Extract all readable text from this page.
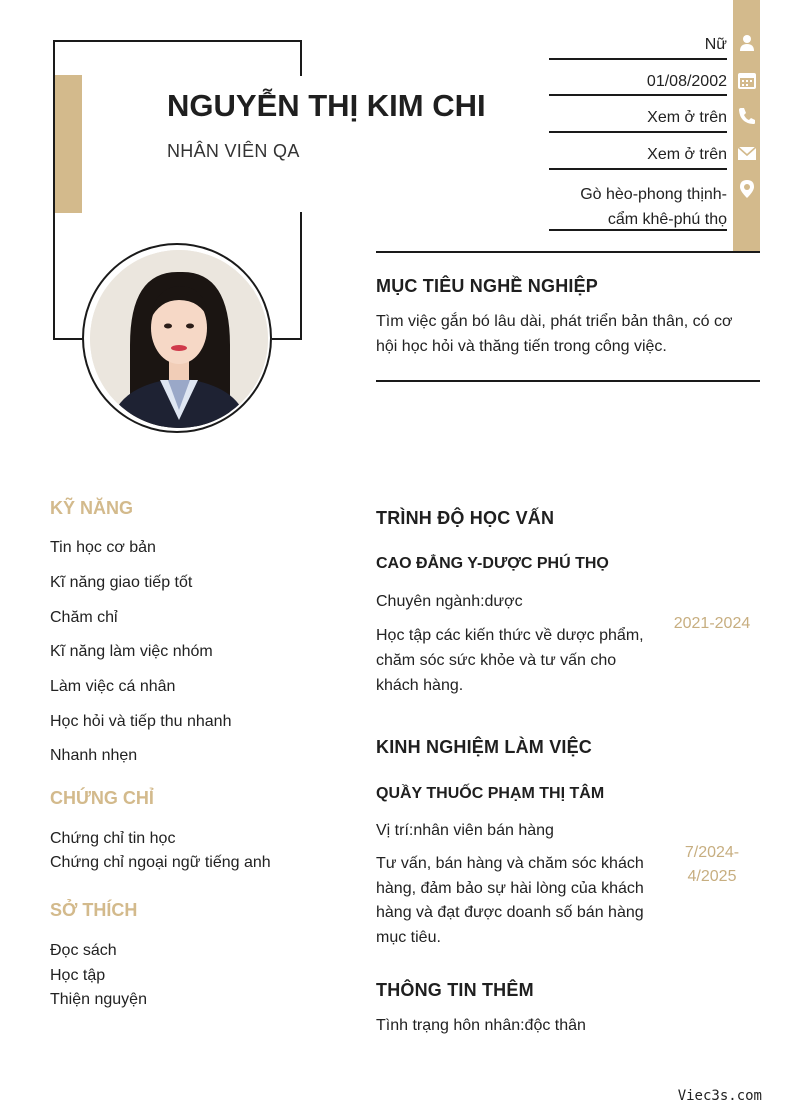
NGUYỄN THỊ KIM CHI
NHÂN VIÊN QA
Nữ
01/08/2002
Xem ở trên
Xem ở trên
Gò hèo-phong thịnh-
cẩm khê-phú thọ
MỤC TIÊU NGHỀ NGHIỆP
Tìm việc gắn bó lâu dài, phát triển bản thân, có cơ
hội học hỏi và thăng tiến trong công việc.
KỸ NĂNG
Tin học cơ bản
Kĩ năng giao tiếp tốt
Chăm chỉ
Kĩ năng làm việc nhóm
Làm việc cá nhân
Học hỏi và tiếp thu nhanh
Nhanh nhẹn
CHỨNG CHỈ
Chứng chỉ tin học
Chứng chỉ ngoại ngữ tiếng anh
SỞ THÍCH
Đọc sách
Học tập
Thiện nguyện
TRÌNH ĐỘ HỌC VẤN
CAO ĐẲNG Y-DƯỢC PHÚ THỌ
Chuyên ngành:dược
Học tập các kiến thức về dược phẩm,
chăm sóc sức khỏe và tư vấn cho
khách hàng.
2021-2024
KINH NGHIỆM LÀM VIỆC
QUẦY THUỐC PHẠM THỊ TÂM
Vị trí:nhân viên bán hàng
Tư vấn, bán hàng và chăm sóc khách
hàng, đảm bảo sự hài lòng của khách
hàng và đạt được doanh số bán hàng
mục tiêu.
7/2024-
4/2025
THÔNG TIN THÊM
Tình trạng hôn nhân:độc thân
Viec3s.com
